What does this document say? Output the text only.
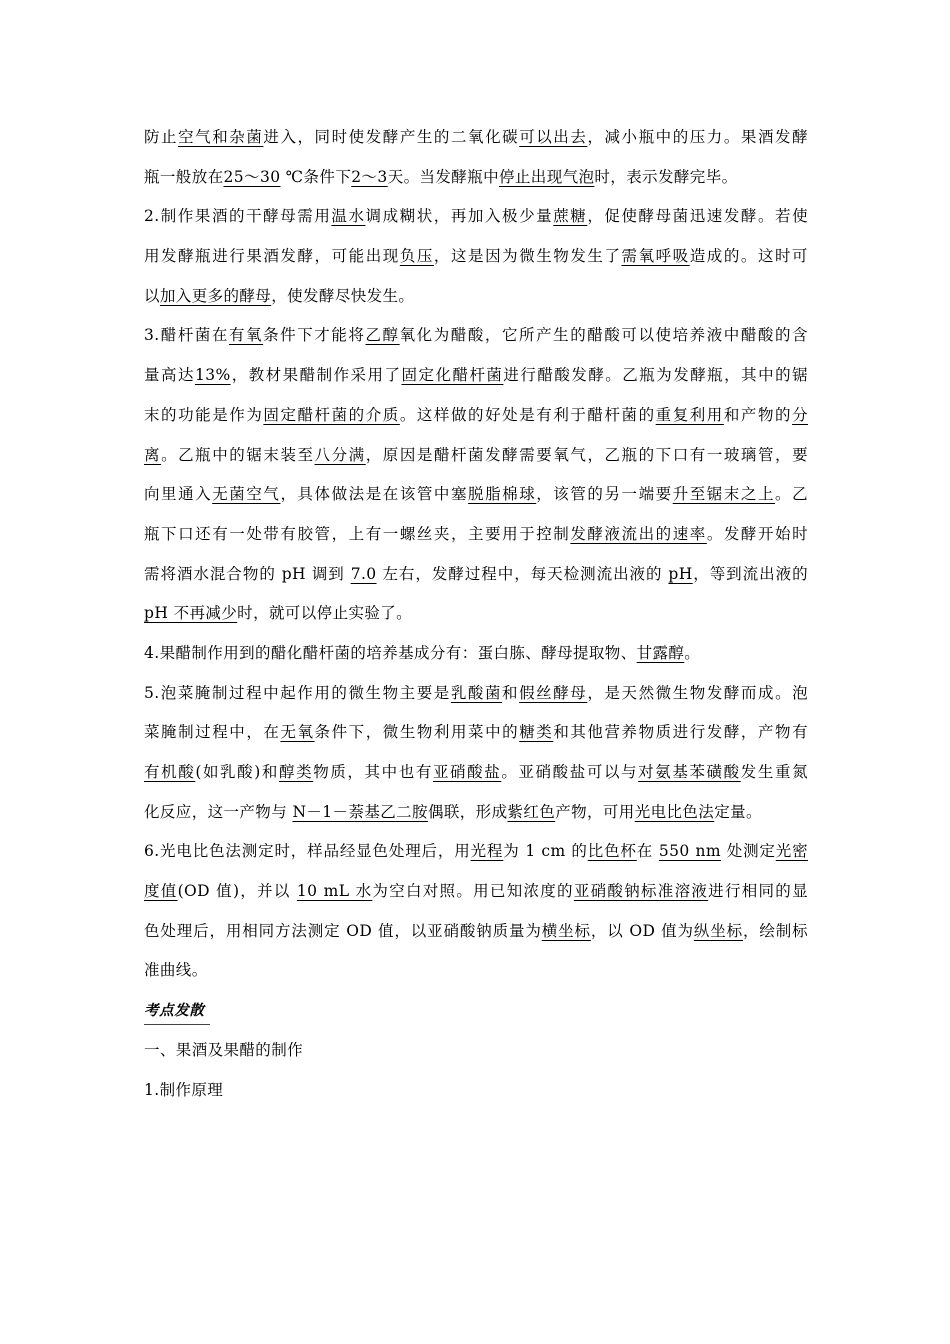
防止空气和杂菌进入，同时使发酵产生的二氧化碳可以出去，减小瓶中的压力。果酒发酵
瓶一般放在25～30 ℃条件下2～3天。当发酵瓶中停止出现气泡时，表示发酵完毕。
2.制作果酒的干酵母需用温水调成糊状，再加入极少量蔗糖，促使酵母菌迅速发酵。若使
用发酵瓶进行果酒发酵，可能出现负压，这是因为微生物发生了需氧呼吸造成的。这时可
以加入更多的酵母，使发酵尽快发生。
3.醋杆菌在有氧条件下才能将乙醇氧化为醋酸，它所产生的醋酸可以使培养液中醋酸的含
量高达13%，教材果醋制作采用了固定化醋杆菌进行醋酸发酵。乙瓶为发酵瓶，其中的锯
末的功能是作为固定醋杆菌的介质。这样做的好处是有利于醋杆菌的重复利用和产物的分
离。乙瓶中的锯末装至八分满，原因是醋杆菌发酵需要氧气，乙瓶的下口有一玻璃管，要
向里通入无菌空气，具体做法是在该管中塞脱脂棉球，该管的另一端要升至锯末之上。乙
瓶下口还有一处带有胶管，上有一螺丝夹，主要用于控制发酵液流出的速率。发酵开始时
需将酒水混合物的 pH 调到 7.0 左右，发酵过程中，每天检测流出液的 pH，等到流出液的
pH 不再减少时，就可以停止实验了。
4.果醋制作用到的醋化醋杆菌的培养基成分有：蛋白胨、酵母提取物、甘露醇。
5.泡菜腌制过程中起作用的微生物主要是乳酸菌和假丝酵母，是天然微生物发酵而成。泡
菜腌制过程中，在无氧条件下，微生物利用菜中的糖类和其他营养物质进行发酵，产物有
有机酸(如乳酸)和醇类物质，其中也有亚硝酸盐。亚硝酸盐可以与对氨基苯磺酸发生重氮
化反应，这一产物与 N－1－萘基乙二胺偶联，形成紫红色产物，可用光电比色法定量。
6.光电比色法测定时，样品经显色处理后，用光程为 1 cm 的比色杯在 550 nm 处测定光密
度值(OD 值)，并以 10 mL 水为空白对照。用已知浓度的亚硝酸钠标准溶液进行相同的显
色处理后，用相同方法测定 OD 值，以亚硝酸钠质量为横坐标，以 OD 值为纵坐标，绘制标
准曲线。
考点发散
一、果酒及果醋的制作
1.制作原理
